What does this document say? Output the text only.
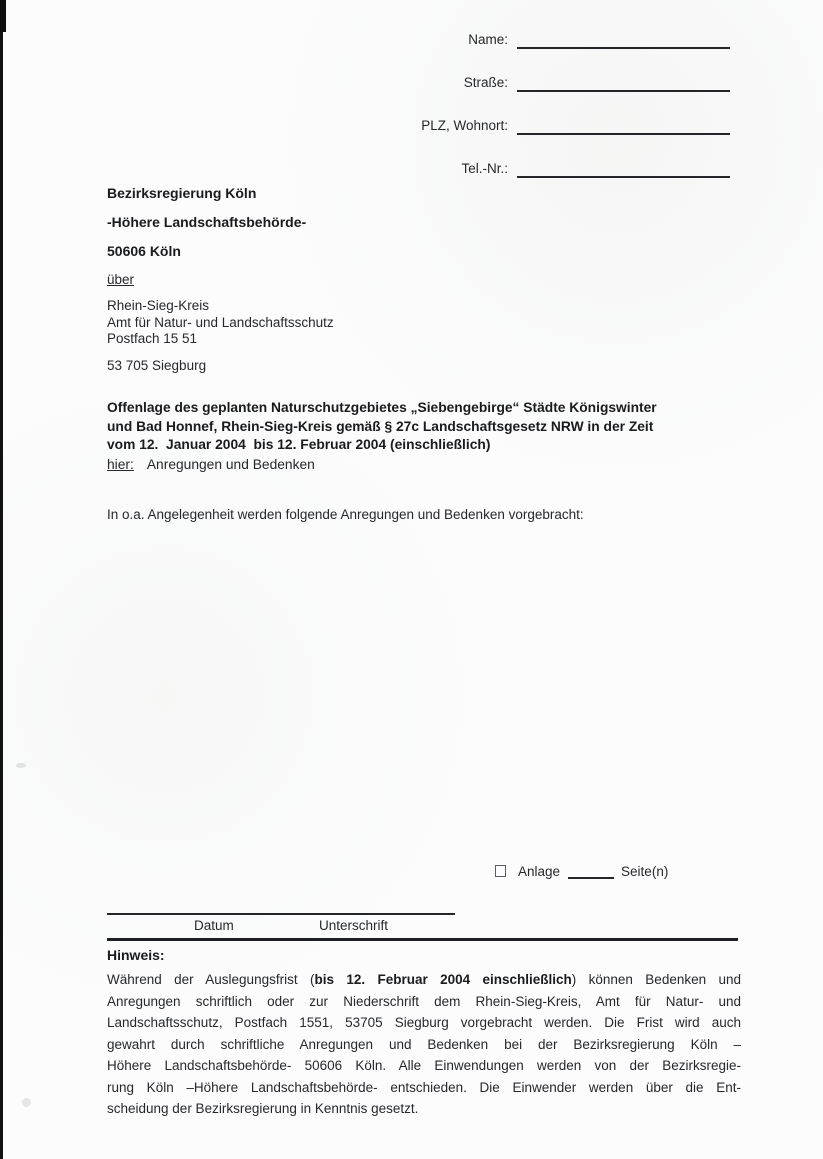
Name:
Straße:
PLZ, Wohnort:
Tel.-Nr.:
Bezirksregierung Köln
-Höhere Landschaftsbehörde-
50606 Köln
über
Rhein-Sieg-Kreis
Amt für Natur- und Landschaftsschutz
Postfach 15 51
53 705 Siegburg
Offenlage des geplanten Naturschutzgebietes „Siebengebirge“ Städte Königswinter
und Bad Honnef, Rhein-Sieg-Kreis gemäß § 27c Landschaftsgesetz NRW in der Zeit
vom 12.  Januar 2004  bis 12. Februar 2004 (einschließlich)
hier: Anregungen und Bedenken
In o.a. Angelegenheit werden folgende Anregungen und Bedenken vorgebracht:
Anlage	Seite(n)
Datum	Unterschrift
Hinweis:
Während der Auslegungsfrist (bis 12. Februar 2004 einschließlich) können Bedenken und
Anregungen schriftlich oder zur Niederschrift dem Rhein-Sieg-Kreis, Amt für Natur- und
Landschaftsschutz, Postfach 1551, 53705 Siegburg vorgebracht werden. Die Frist wird auch
gewahrt durch schriftliche Anregungen und Bedenken bei der Bezirksregierung Köln –
Höhere Landschaftsbehörde- 50606 Köln. Alle Einwendungen werden von der Bezirksregie-
rung Köln –Höhere Landschaftsbehörde- entschieden. Die Einwender werden über die Ent-
scheidung der Bezirksregierung in Kenntnis gesetzt.
